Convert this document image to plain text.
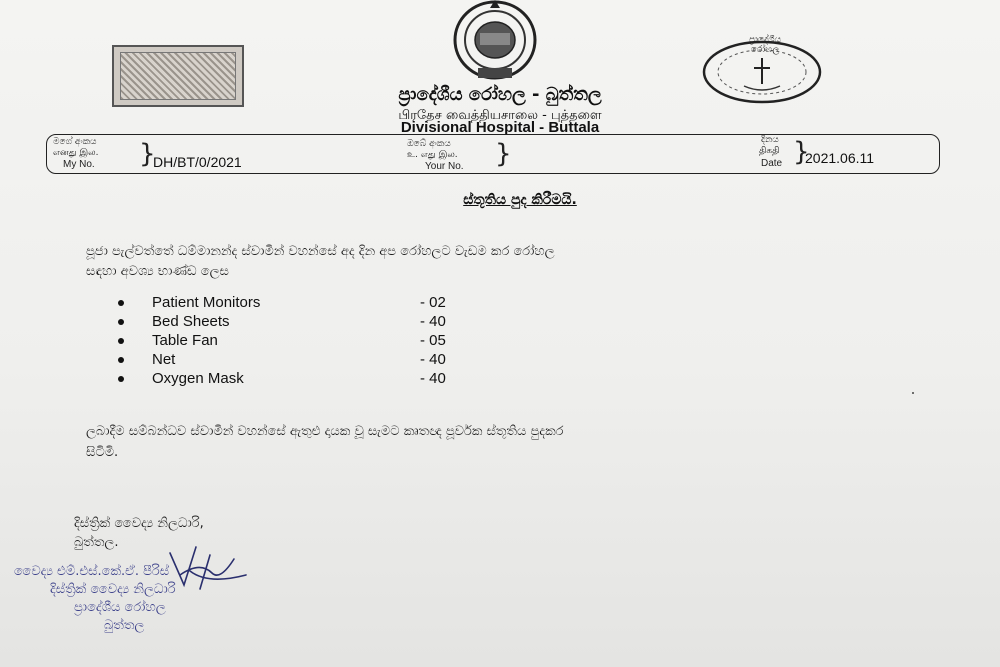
ප්‍රාදේශීය රෝහල
ප්‍රාදේශීය රෝහල - බුත්තල
பிரதேச வைத்தியசாலை - புத்தளை
Divisional Hospital - Buttala
මගේ අංකය
எனது இல.
My No. }
DH/BT/0/2021
ඔබේ අංකය
உ. எது இல.
Your No. }	දිනය
திகதி
Date }
2021.06.11
ස්තූතිය පුද කිරීමයි.
පූජා පැල්වත්තේ ධම්මානන්ද ස්වාමීන් වහන්සේ අද දින අප රෝහලට වැඩම කර රෝහල
සඳහා අවශ්‍ය භාණ්ඩ ලෙස
Patient Monitors	- 02
Bed Sheets	- 40
Table Fan	- 05
Net	- 40
Oxygen Mask	- 40
ලබාදීම සම්බන්ධව ස්වාමීන් වහන්සේ ඇතුළු දායක වූ සැමට කෘතඥ පූර්වක ස්තූතිය පුදකර
සිටිමි.
දිස්ත්‍රික් වෛද්‍ය නිලධාරි,
බුත්තල.
වෛද්‍ය එම්.එස්.කේ.ඒ. පීරිස්
දිස්ත්‍රික් වෛද්‍ය නිලධාරි
ප්‍රාදේශීය රෝහල
බුත්තල
